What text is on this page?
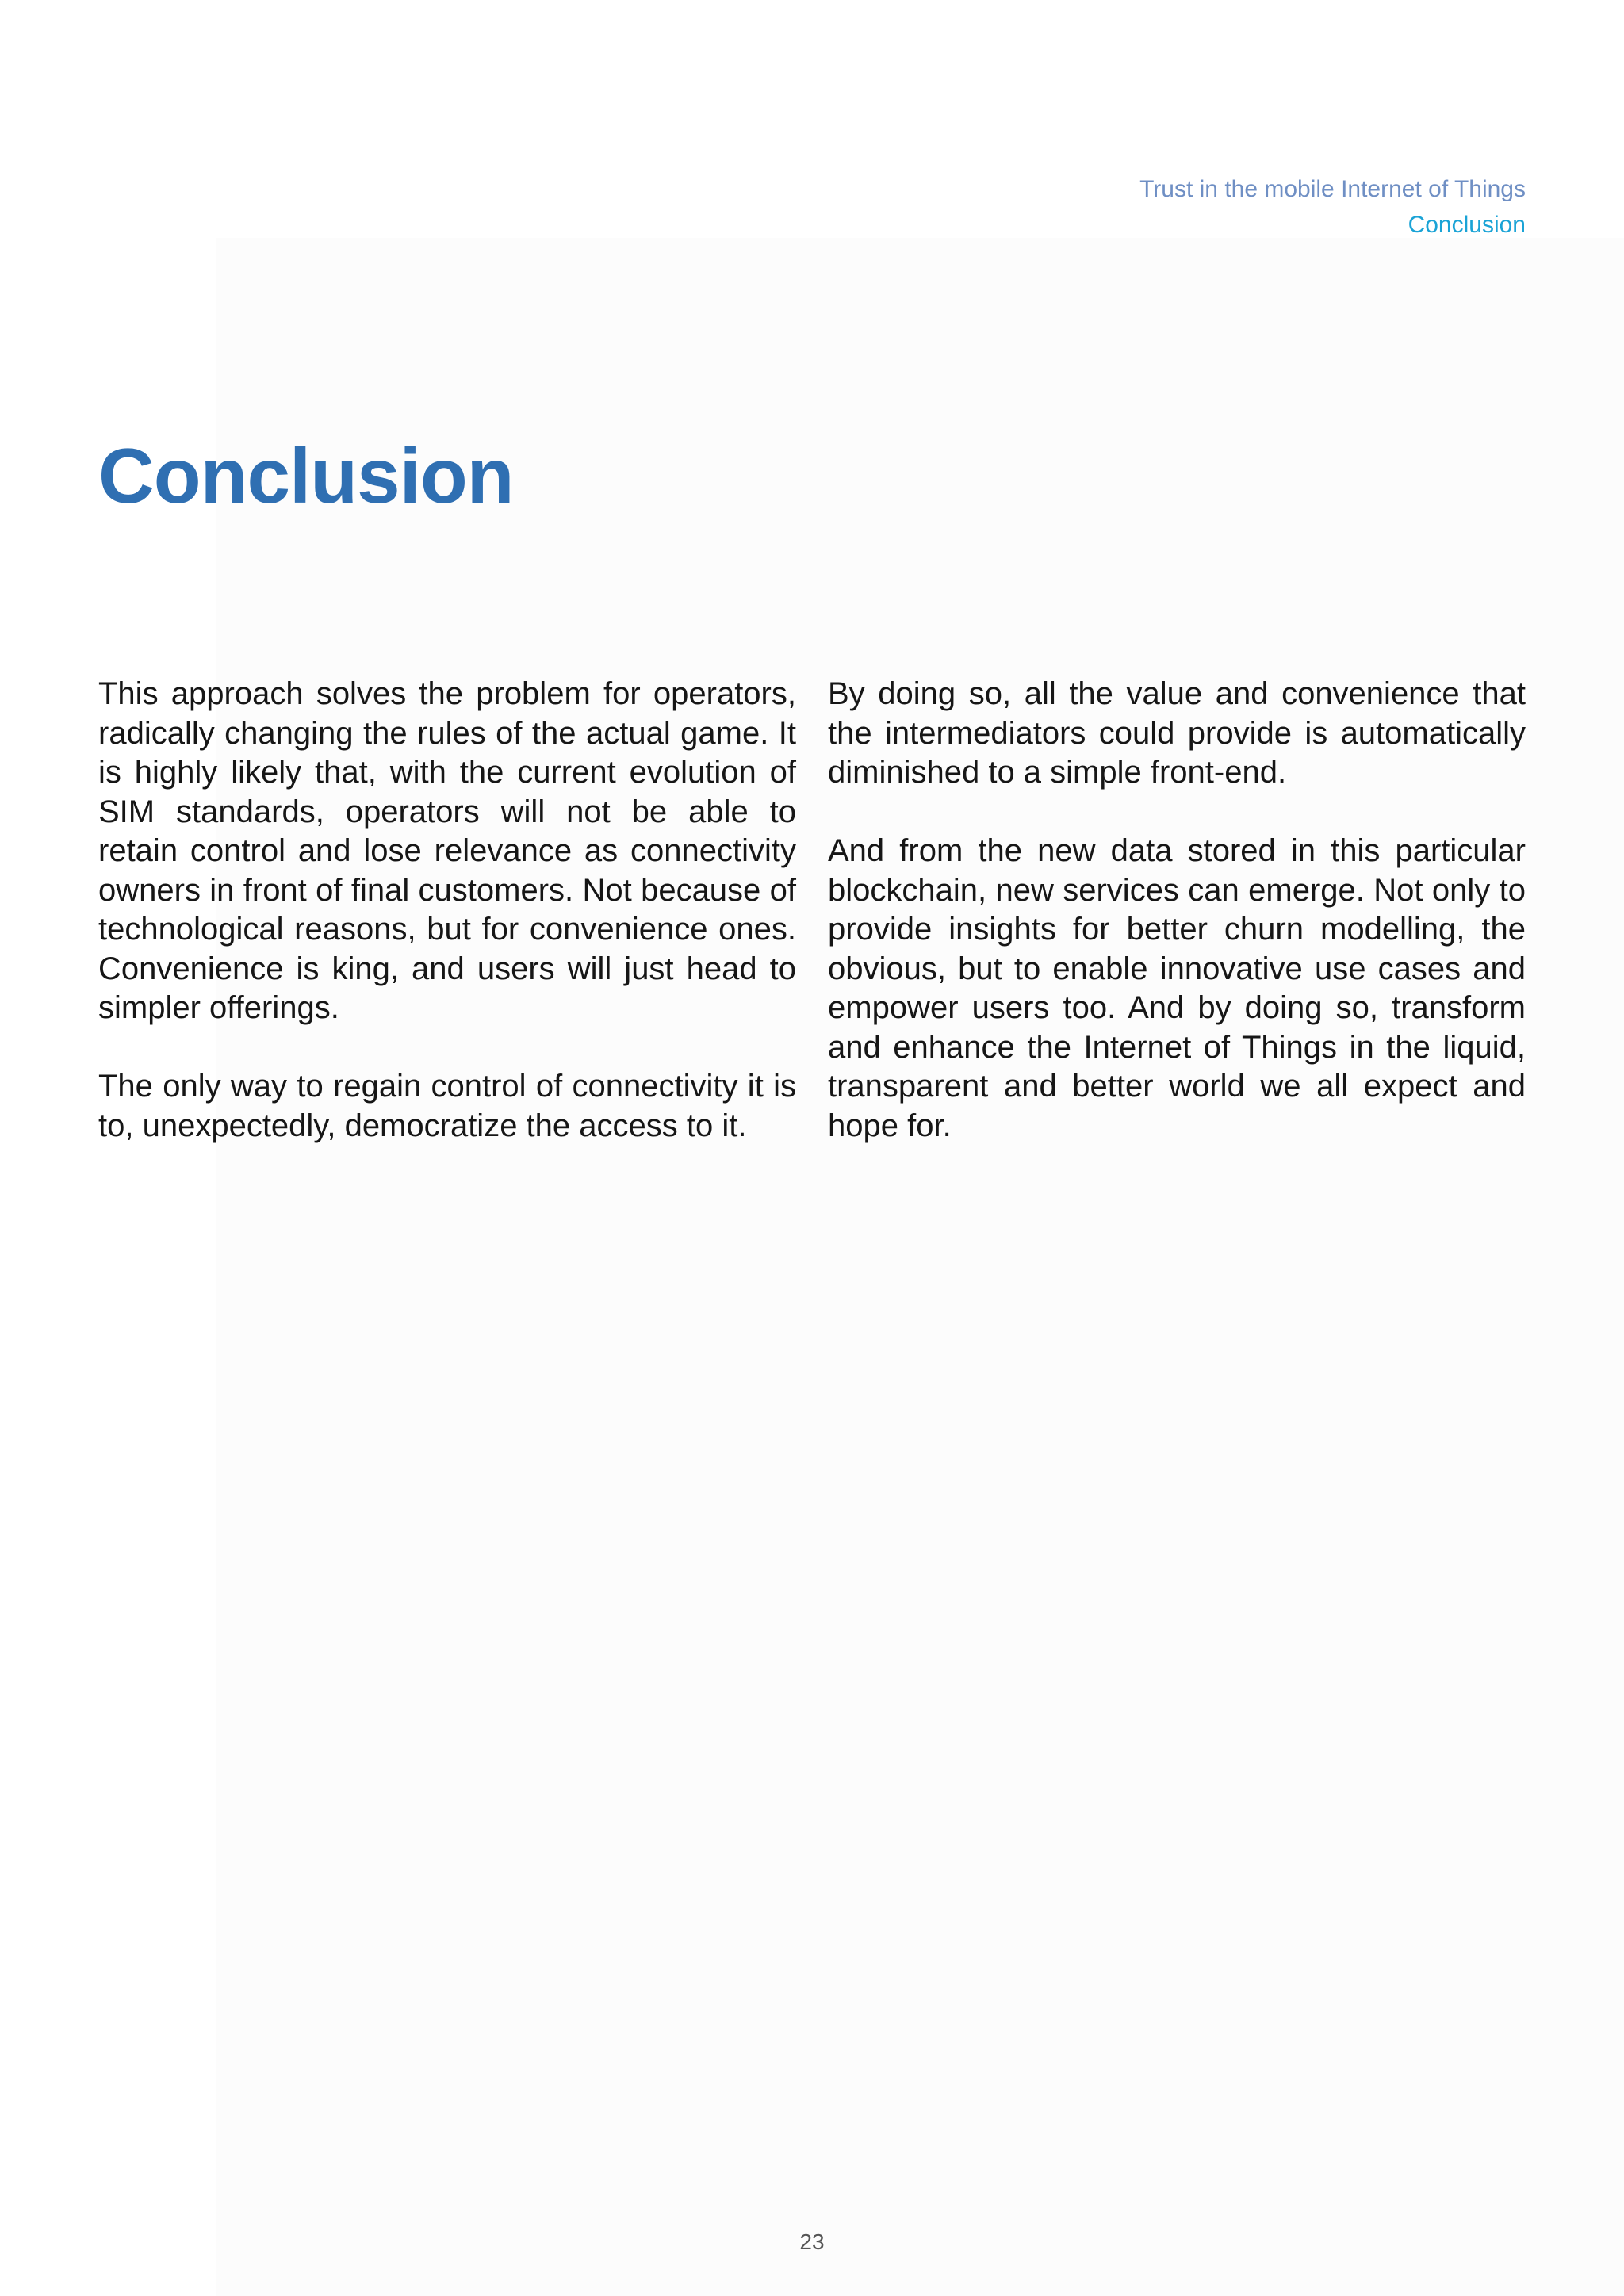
Trust in the mobile Internet of Things
Conclusion
Conclusion

This approach solves the problem for operators, radically changing the rules of the actual game. It is highly likely that, with the current evolution of SIM standards, operators will not be able to retain control and lose relevance as connectivity owners in front of final customers. Not because of technological reasons, but for convenience ones. Convenience is king, and users will just head to simpler offerings.

The only way to regain control of connectivity it is to, unexpectedly, democratize the access to it.

By doing so, all the value and convenience that the intermediators could provide is automatically diminished to a simple front-end.

And from the new data stored in this particular blockchain, new services can emerge. Not only to provide insights for better churn modelling, the obvious, but to enable innovative use cases and empower users too. And by doing so, transform and enhance the Internet of Things in the liquid, transparent and better world we all expect and hope for.

23
